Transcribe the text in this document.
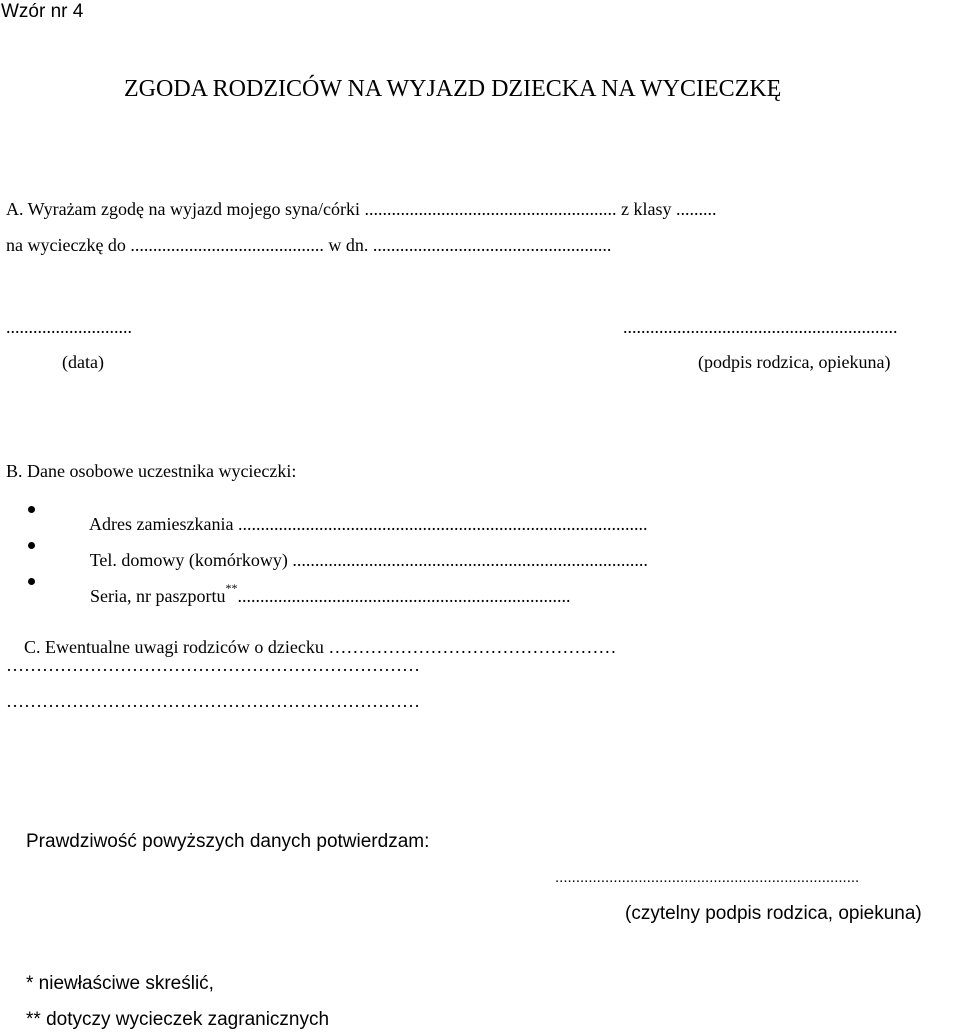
Wzór nr 4
ZGODA RODZICÓW NA WYJAZD DZIECKA NA WYCIECZKĘ
A. Wyrażam zgodę na wyjazd mojego syna/córki ........................................................ z klasy .........
na wycieczkę do ........................................... w dn. .....................................................
............................
(data)
.............................................................
(podpis rodzica, opiekuna)
B. Dane osobowe uczestnika wycieczki:

Adres zamieszkania ...........................................................................................

Tel. domowy (komórkowy) ...............................................................................

Seria, nr paszportu**..........................................................................

C. Ewentualne uwagi rodziców o dziecku …………………………………………

……………………………………………………………
……………………………………………………………
Prawdziwość powyższych danych potwierdzam:
.........................................................................
(czytelny podpis rodzica, opiekuna)
* niewłaściwe skreślić,
** dotyczy wycieczek zagranicznych
